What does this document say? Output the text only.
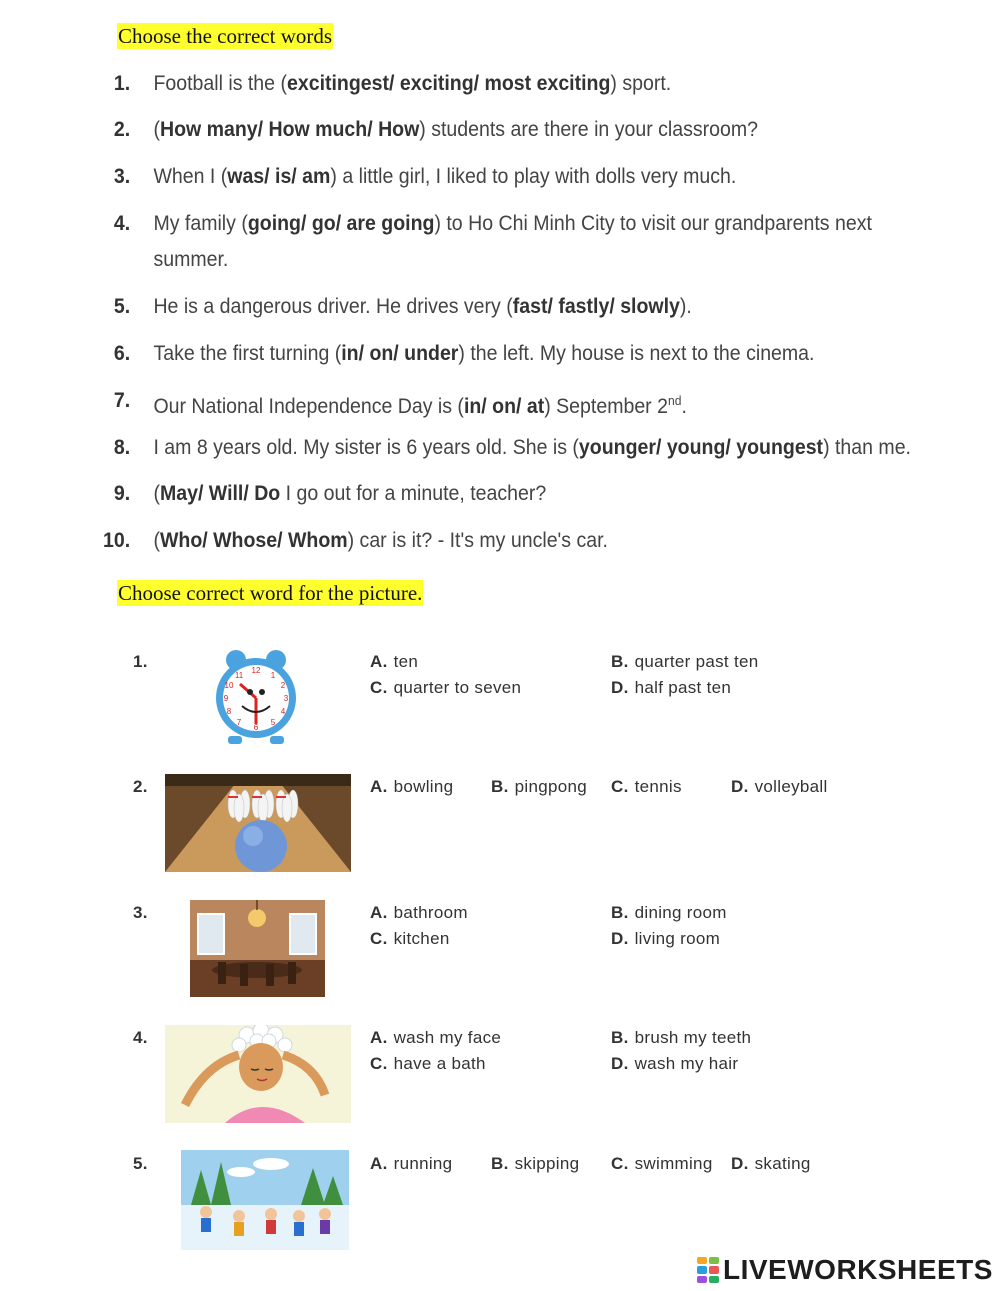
Choose the correct words
1. Football is the (excitingest/ exciting/ most exciting) sport.
2. (How many/ How much/ How) students are there in your classroom?
3. When I (was/ is/ am) a little girl, I liked to play with dolls very much.
4. My family (going/ go/ are going) to Ho Chi Minh City to visit our grandparents next
summer.
5. He is a dangerous driver. He drives very (fast/ fastly/ slowly).
6. Take the first turning (in/ on/ under) the left. My house is next to the cinema.
7. Our National Independence Day is (in/ on/ at) September 2nd.
8. I am 8 years old. My sister is 6 years old. She is (younger/ young/ youngest) than me.
9. (May/ Will/ Do I go out for a minute, teacher?
10. (Who/ Whose/ Whom) car is it? - It's my uncle's car.
Choose correct word for the picture.
1.	A. ten	B. quarter past ten
C. quarter to seven	D. half past ten
12
1
2
3
4
5
6
7
8
9
10
11
2.	A. bowling B. pingpong C. tennis	D. volleyball
3.	A. bathroom	B. dining room
C. kitchen	D. living room
4.	A. wash my face	B. brush my teeth
C. have a bath	D. wash my hair
5.	A. running B. skipping C. swimming D. skating
LIVEWORKSHEETS
